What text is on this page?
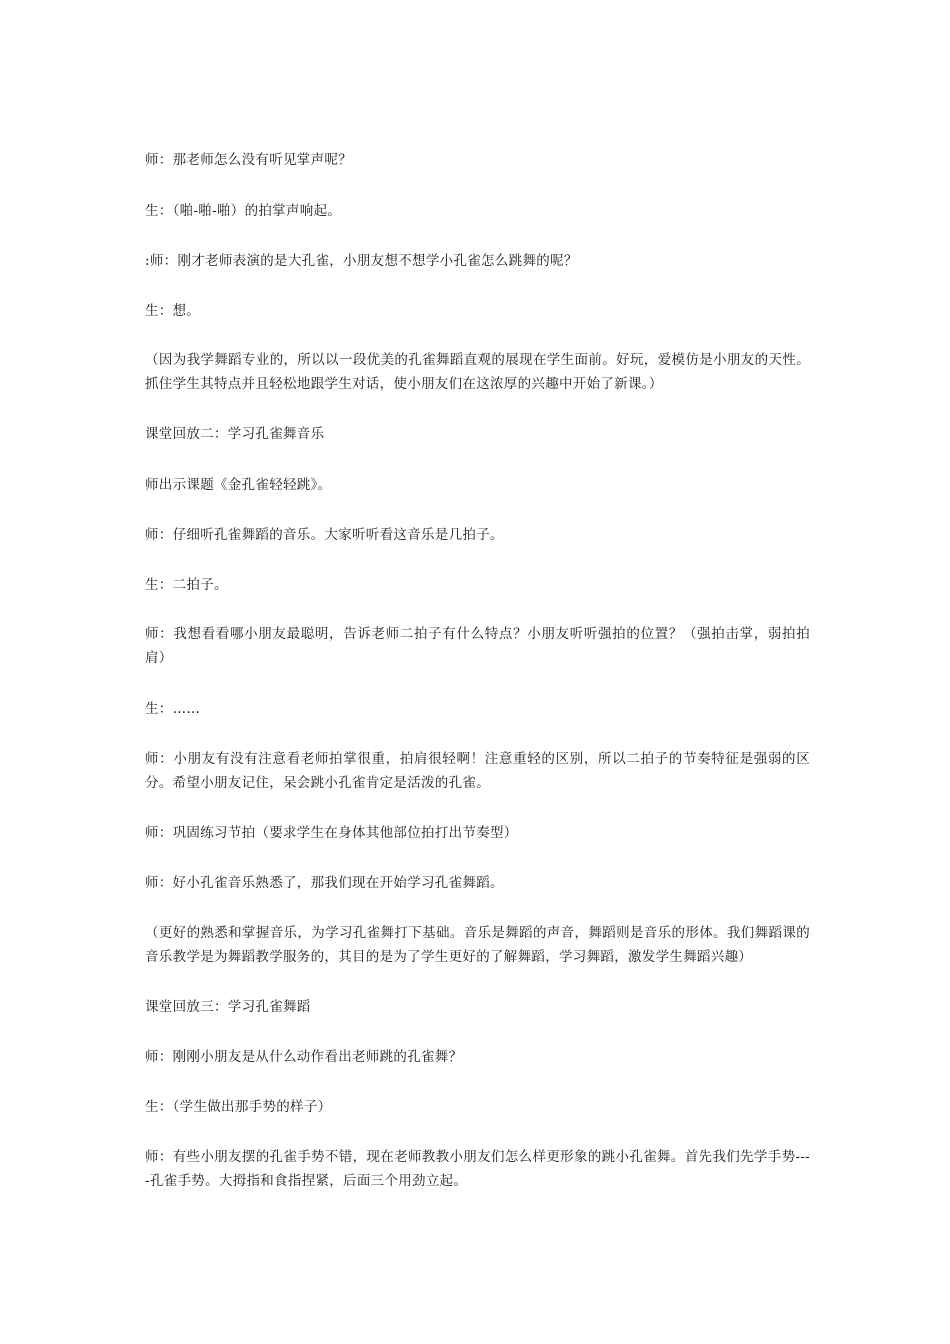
师：那老师怎么没有听见掌声呢？

生：（啪-啪-啪）的拍掌声响起。

:师：刚才老师表演的是大孔雀，小朋友想不想学小孔雀怎么跳舞的呢？

生：想。

（因为我学舞蹈专业的，所以以一段优美的孔雀舞蹈直观的展现在学生面前。好玩，爱模仿是小朋友的天性。抓住学生其特点并且轻松地跟学生对话，使小朋友们在这浓厚的兴趣中开始了新课。）

课堂回放二：学习孔雀舞音乐

师出示课题《金孔雀轻轻跳》。

师：仔细听孔雀舞蹈的音乐。大家听听看这音乐是几拍子。

生：二拍子。

师：我想看看哪小朋友最聪明，告诉老师二拍子有什么特点？小朋友听听强拍的位置？（强拍击掌，弱拍拍肩）

生：……

师：小朋友有没有注意看老师拍掌很重，拍肩很轻啊！注意重轻的区别，所以二拍子的节奏特征是强弱的区分。希望小朋友记住，呆会跳小孔雀肯定是活泼的孔雀。

师：巩固练习节拍（要求学生在身体其他部位拍打出节奏型）

师：好小孔雀音乐熟悉了，那我们现在开始学习孔雀舞蹈。

（更好的熟悉和掌握音乐，为学习孔雀舞打下基础。音乐是舞蹈的声音，舞蹈则是音乐的形体。我们舞蹈课的音乐教学是为舞蹈教学服务的，其目的是为了学生更好的了解舞蹈，学习舞蹈，激发学生舞蹈兴趣）

课堂回放三：学习孔雀舞蹈

师：刚刚小朋友是从什么动作看出老师跳的孔雀舞？

生：（学生做出那手势的样子）

师：有些小朋友摆的孔雀手势不错，现在老师教教小朋友们怎么样更形象的跳小孔雀舞。首先我们先学手势----孔雀手势。大拇指和食指捏紧，后面三个用劲立起。
